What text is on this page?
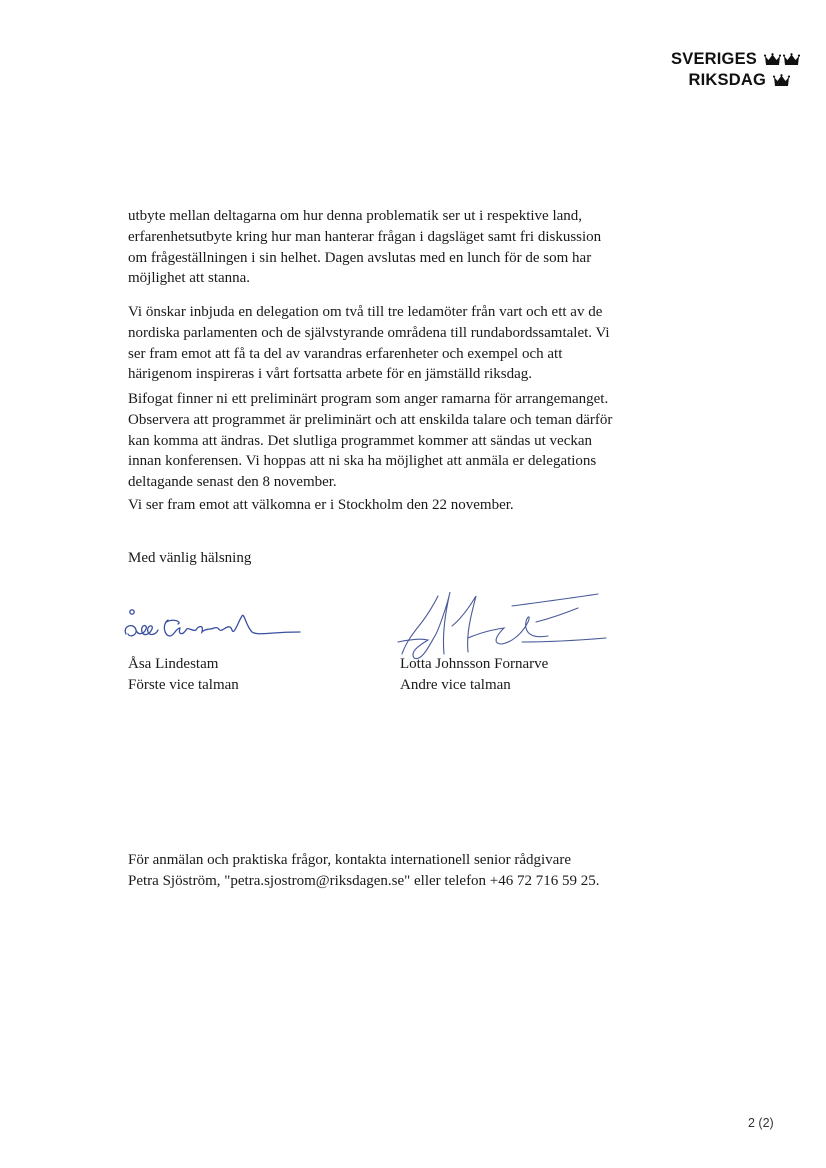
SVERIGES
RIKSDAG

utbyte mellan deltagarna om hur denna problematik ser ut i respektive land,
erfarenhetsutbyte kring hur man hanterar frågan i dagsläget samt fri diskussion
om frågeställningen i sin helhet. Dagen avslutas med en lunch för de som har
möjlighet att stanna.

Vi önskar inbjuda en delegation om två till tre ledamöter från vart och ett av de
nordiska parlamenten och de självstyrande områdena till rundabordssamtalet. Vi
ser fram emot att få ta del av varandras erfarenheter och exempel och att
härigenom inspireras i vårt fortsatta arbete för en jämställd riksdag.

Bifogat finner ni ett preliminärt program som anger ramarna för arrangemanget.
Observera att programmet är preliminärt och att enskilda talare och teman därför
kan komma att ändras. Det slutliga programmet kommer att sändas ut veckan
innan konferensen. Vi hoppas att ni ska ha möjlighet att anmäla er delegations
deltagande senast den 8 november.

Vi ser fram emot att välkomna er i Stockholm den 22 november.

Med vänlig hälsning
Åsa Lindestam
Förste vice talman
Lotta Johnsson Fornarve
Andre vice talman
För anmälan och praktiska frågor, kontakta internationell senior rådgivare
Petra Sjöström, "petra.sjostrom@riksdagen.se" eller telefon +46 72 716 59 25.
2 (2)
